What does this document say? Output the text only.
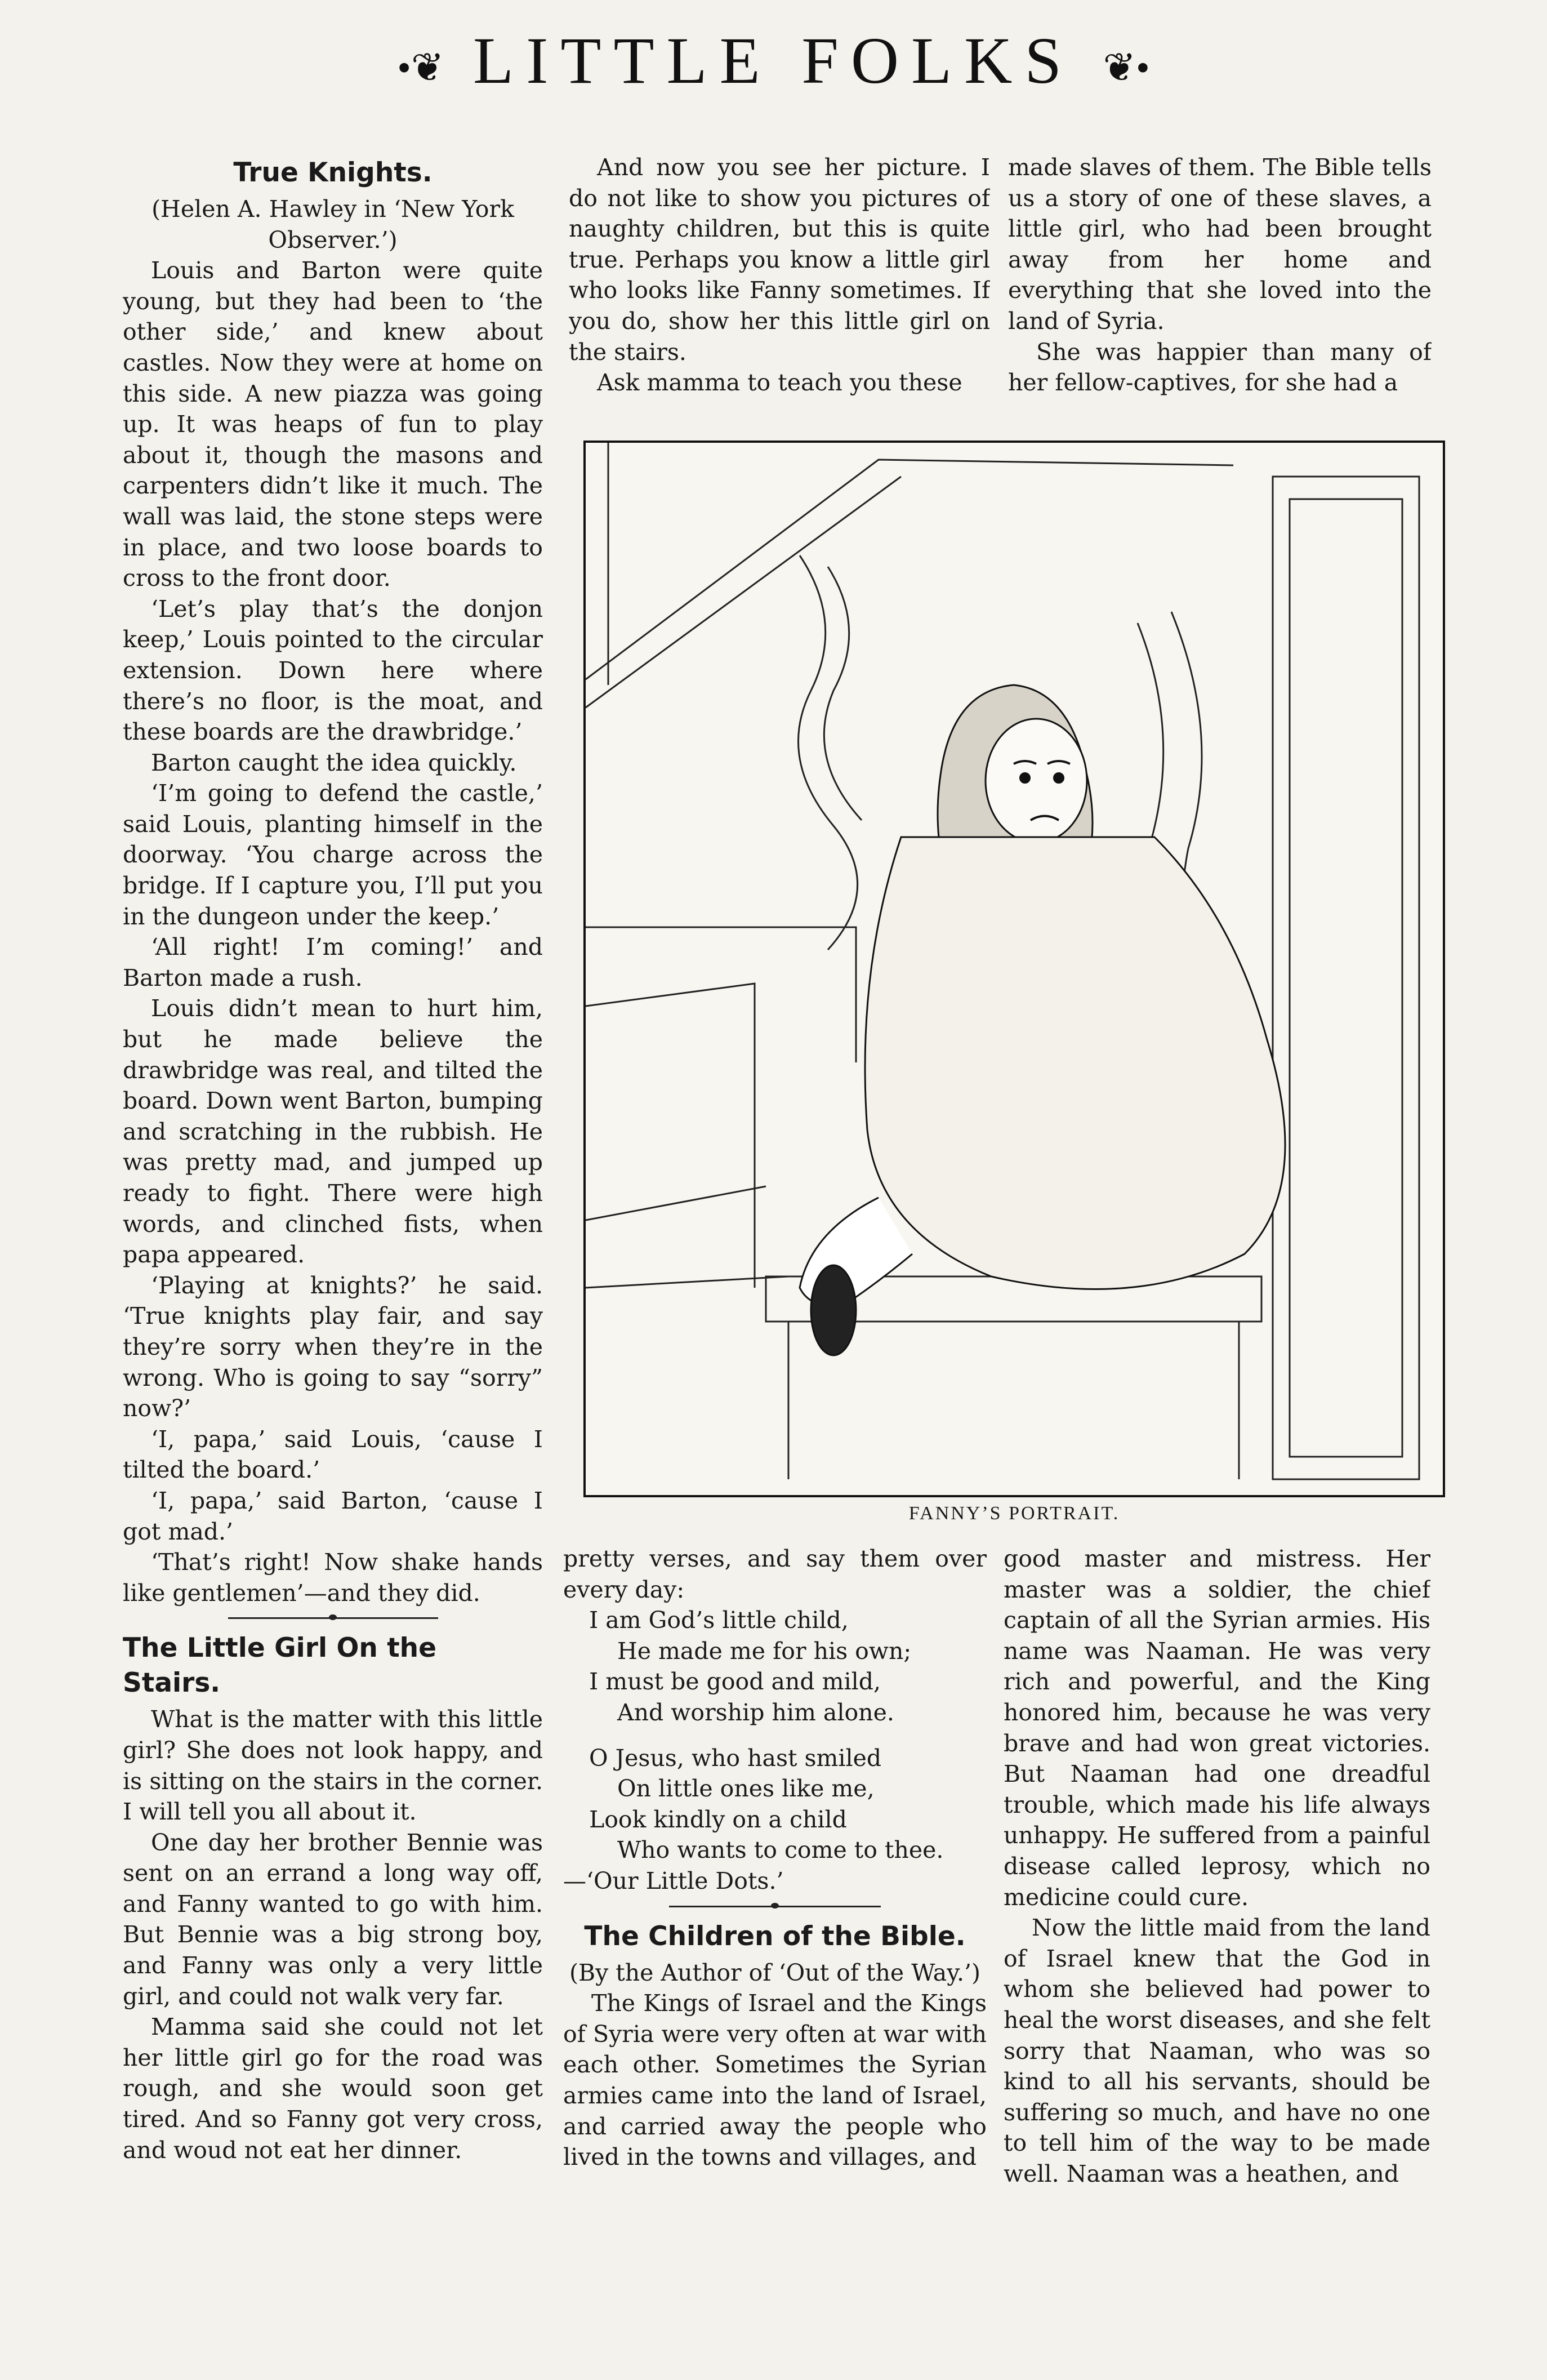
•❦ LITTLE FOLKS ❦•
True Knights.

(Helen A. Hawley in ‘New York Observer.’)

Louis and Barton were quite young, but they had been to ‘the other side,’ and knew about castles. Now they were at home on this side. A new piazza was going up. It was heaps of fun to play about it, though the masons and carpenters didn’t like it much. The wall was laid, the stone steps were in place, and two loose boards to cross to the front door.

‘Let’s play that’s the donjon keep,’ Louis pointed to the circular extension. Down here where there’s no floor, is the moat, and these boards are the drawbridge.’

Barton caught the idea quickly.

‘I’m going to defend the castle,’ said Louis, planting himself in the doorway. ‘You charge across the bridge. If I capture you, I’ll put you in the dungeon under the keep.’

‘All right! I’m coming!’ and Barton made a rush.

Louis didn’t mean to hurt him, but he made believe the drawbridge was real, and tilted the board. Down went Barton, bumping and scratching in the rubbish. He was pretty mad, and jumped up ready to fight. There were high words, and clinched fists, when papa appeared.

‘Playing at knights?’ he said. ‘True knights play fair, and say they’re sorry when they’re in the wrong. Who is going to say “sorry” now?’

‘I, papa,’ said Louis, ‘cause I tilted the board.’

‘I, papa,’ said Barton, ‘cause I got mad.’

‘That’s right! Now shake hands like gentlemen’—and they did.

The Little Girl On the Stairs.

What is the matter with this little girl? She does not look happy, and is sitting on the stairs in the corner. I will tell you all about it.

One day her brother Bennie was sent on an errand a long way off, and Fanny wanted to go with him. But Bennie was a big strong boy, and Fanny was only a very little girl, and could not walk very far.

Mamma said she could not let her little girl go for the road was rough, and she would soon get tired. And so Fanny got very cross, and woud not eat her dinner.

And now you see her picture. I do not like to show you pictures of naughty children, but this is quite true. Perhaps you know a little girl who looks like Fanny sometimes. If you do, show her this little girl on the stairs.

Ask mamma to teach you these

made slaves of them. The Bible tells us a story of one of these slaves, a little girl, who had been brought away from her home and everything that she loved into the land of Syria.

She was happier than many of her fellow-captives, for she had a

FANNY’S PORTRAIT.

pretty verses, and say them over every day:

I am God’s little child,

He made me for his own;

I must be good and mild,

And worship him alone.

O Jesus, who hast smiled

On little ones like me,

Look kindly on a child

Who wants to come to thee.

—‘Our Little Dots.’

The Children of the Bible.

(By the Author of ‘Out of the Way.’)

The Kings of Israel and the Kings of Syria were very often at war with each other. Sometimes the Syrian armies came into the land of Israel, and carried away the people who lived in the towns and villages, and

good master and mistress. Her master was a soldier, the chief captain of all the Syrian armies. His name was Naaman. He was very rich and powerful, and the King honored him, because he was very brave and had won great victories. But Naaman had one dreadful trouble, which made his life always unhappy. He suffered from a painful disease called leprosy, which no medicine could cure.

Now the little maid from the land of Israel knew that the God in whom she believed had power to heal the worst diseases, and she felt sorry that Naaman, who was so kind to all his servants, should be suffering so much, and have no one to tell him of the way to be made well. Naaman was a heathen, and
